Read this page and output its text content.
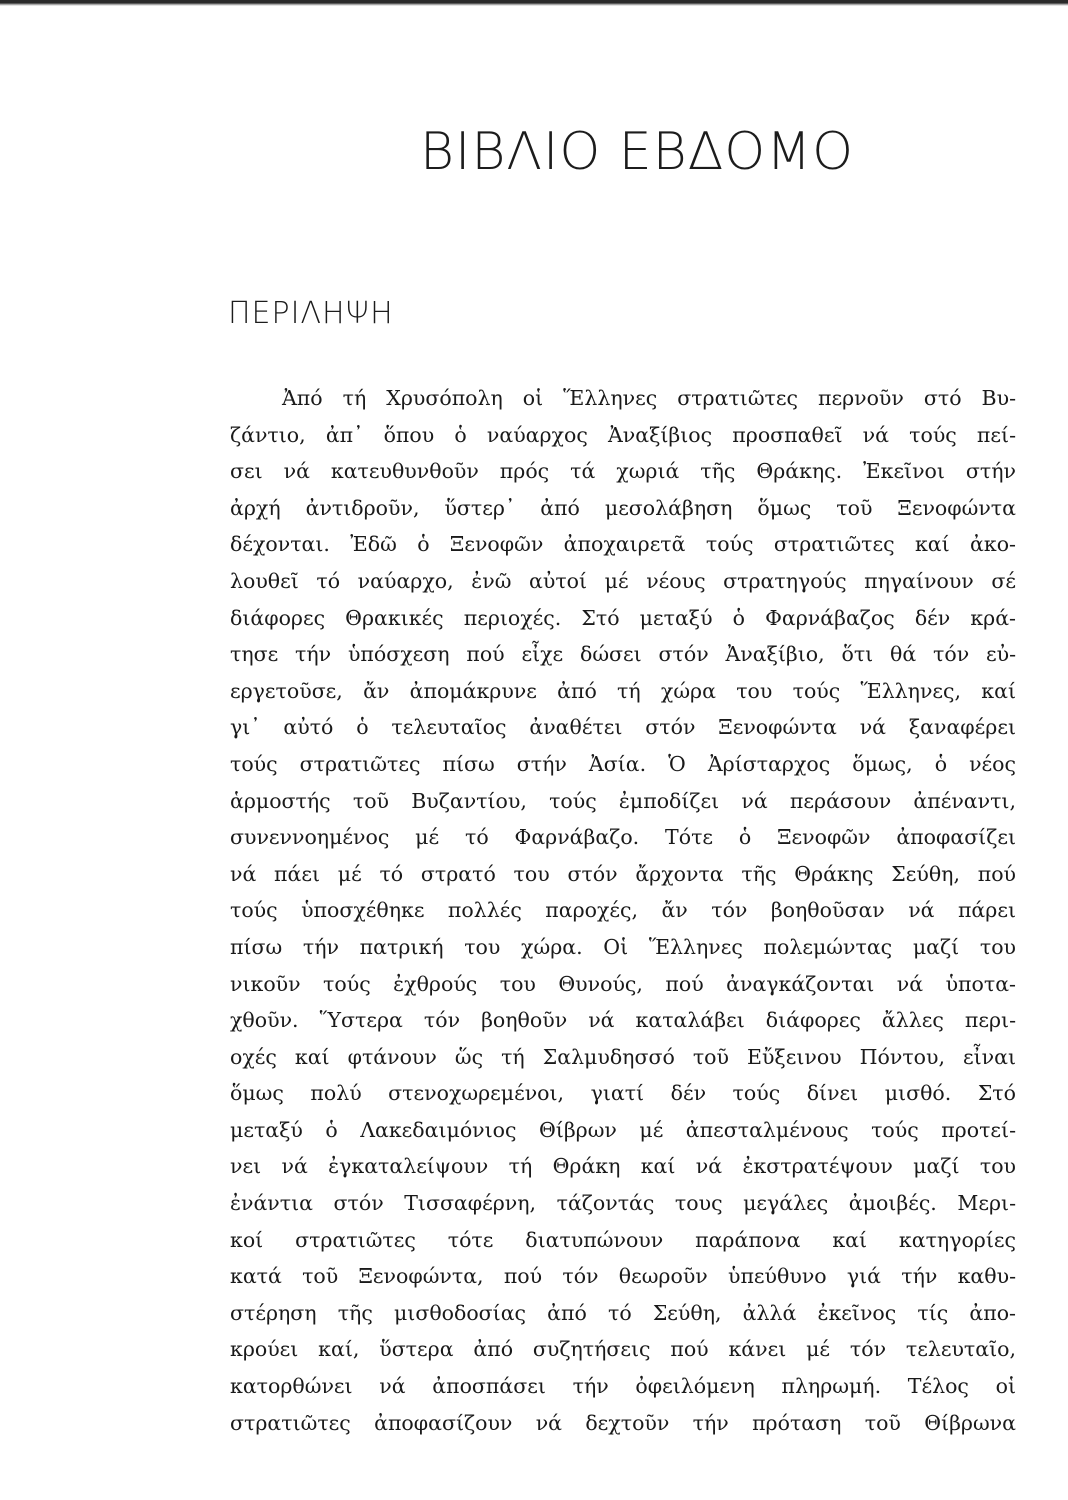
ΒΙΒΛΙΟ ΕΒΔΟΜΟ
ΠΕΡΙΛΗΨΗ
Ἀπό τή Χρυσόπολη οἱ Ἕλληνες στρατιῶτες περνοῦν στό Βυ-
ζάντιο, ἀπ᾽ ὅπου ὁ ναύαρχος Ἀναξίβιος προσπαθεῖ νά τούς πεί-
σει νά κατευθυνθοῦν πρός τά χωριά τῆς Θράκης. Ἐκεῖνοι στήν
ἀρχή ἀντιδροῦν, ὕστερ᾽ ἀπό μεσολάβηση ὅμως τοῦ Ξενοφώντα
δέχονται. Ἐδῶ ὁ Ξενοφῶν ἀποχαιρετᾶ τούς στρατιῶτες καί ἀκο-
λουθεῖ τό ναύαρχο, ἐνῶ αὐτοί μέ νέους στρατηγούς πηγαίνουν σέ
διάφορες Θρακικές περιοχές. Στό μεταξύ ὁ Φαρνάβαζος δέν κρά-
τησε τήν ὑπόσχεση πού εἶχε δώσει στόν Ἀναξίβιο, ὅτι θά τόν εὐ-
εργετοῦσε, ἄν ἀπομάκρυνε ἀπό τή χώρα του τούς Ἕλληνες, καί
γι᾽ αὐτό ὁ τελευταῖος ἀναθέτει στόν Ξενοφώντα νά ξαναφέρει
τούς στρατιῶτες πίσω στήν Ἀσία. Ὁ Ἀρίσταρχος ὅμως, ὁ νέος
ἁρμοστής τοῦ Βυζαντίου, τούς ἐμποδίζει νά περάσουν ἀπέναντι,
συνεννοημένος μέ τό Φαρνάβαζο. Τότε ὁ Ξενοφῶν ἀποφασίζει
νά πάει μέ τό στρατό του στόν ἄρχοντα τῆς Θράκης Σεύθη, πού
τούς ὑποσχέθηκε πολλές παροχές, ἄν τόν βοηθοῦσαν νά πάρει
πίσω τήν πατρική του χώρα. Οἱ Ἕλληνες πολεμώντας μαζί του
νικοῦν τούς ἐχθρούς του Θυνούς, πού ἀναγκάζονται νά ὑποτα-
χθοῦν. Ὕστερα τόν βοηθοῦν νά καταλάβει διάφορες ἄλλες περι-
οχές καί φτάνουν ὥς τή Σαλμυδησσό τοῦ Εὔξεινου Πόντου, εἶναι
ὅμως πολύ στενοχωρεμένοι, γιατί δέν τούς δίνει μισθό. Στό
μεταξύ ὁ Λακεδαιμόνιος Θίβρων μέ ἀπεσταλμένους τούς προτεί-
νει νά ἐγκαταλείψουν τή Θράκη καί νά ἐκστρατέψουν μαζί του
ἐνάντια στόν Τισσαφέρνη, τάζοντάς τους μεγάλες ἀμοιβές. Μερι-
κοί στρατιῶτες τότε διατυπώνουν παράπονα καί κατηγορίες
κατά τοῦ Ξενοφώντα, πού τόν θεωροῦν ὑπεύθυνο γιά τήν καθυ-
στέρηση τῆς μισθοδοσίας ἀπό τό Σεύθη, ἀλλά ἐκεῖνος τίς ἀπο-
κρούει καί, ὕστερα ἀπό συζητήσεις πού κάνει μέ τόν τελευταῖο,
κατορθώνει νά ἀποσπάσει τήν ὀφειλόμενη πληρωμή. Τέλος οἱ
στρατιῶτες ἀποφασίζουν νά δεχτοῦν τήν πρόταση τοῦ Θίβρωνα
